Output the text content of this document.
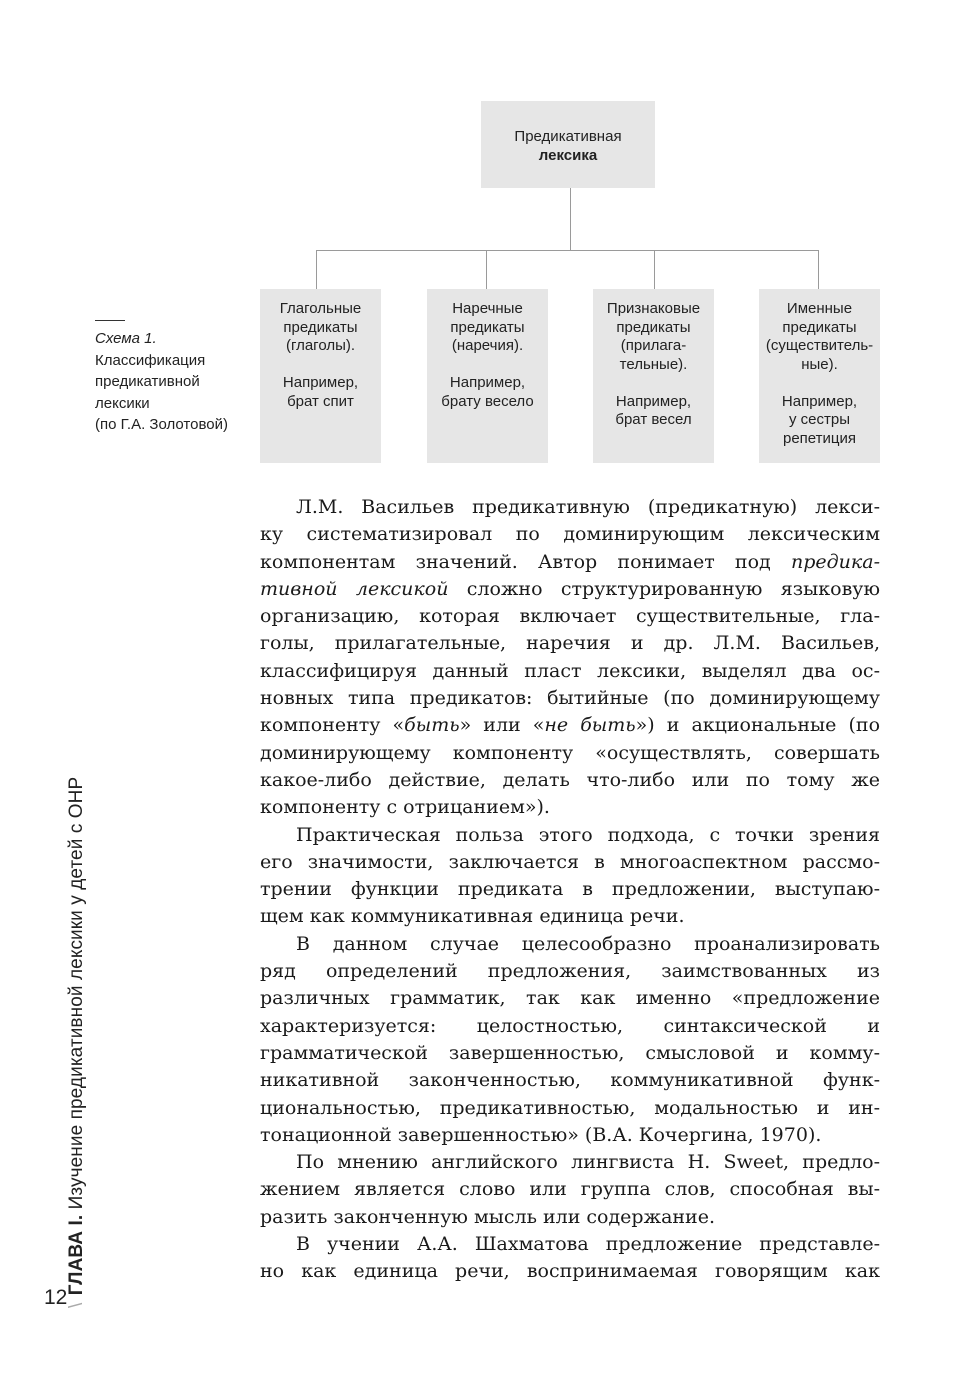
Предикативная
лексика
Глагольные
предикаты
(глаголы).
Например,
брат спит
Наречные
предикаты
(наречия).
Например,
брату весело
Признаковые
предикаты
(прилага-
тельные).
Например,
брат весел
Именные
предикаты
(существитель-
ные).
Например,
у сестры
репетиция
Схема 1.
Классификация
предикативной
лексики
(по Г.А. Золотовой)
Л.М. Васильев предикативную (предикатную) лекси-
ку систематизировал по доминирующим лексическим
компонентам значений. Автор понимает под предика-
тивной лексикой сложно структурированную языковую
организацию, которая включает существительные, гла-
голы, прилагательные, наречия и др. Л.М. Васильев,
классифицируя данный пласт лексики, выделял два ос-
новных типа предикатов: бытийные (по доминирующему
компоненту «быть» или «не быть») и акциональные (по
доминирующему компоненту «осуществлять, совершать
какое-либо действие, делать что-либо или по тому же
компоненту с отрицанием»).
Практическая польза этого подхода, с точки зрения
его значимости, заключается в многоаспектном рассмо-
трении функции предиката в предложении, выступаю-
щем как коммуникативная единица речи.
В данном случае целесообразно проанализировать
ряд определений предложения, заимствованных из
различных грамматик, так как именно «предложение
характеризуется: целостностью, синтаксической и
грамматической завершенностью, смысловой и комму-
никативной законченностью, коммуникативной функ-
циональностью, предикативностью, модальностью и ин-
тонационной завершенностью» (В.А. Кочергина, 1970).
По мнению английского лингвиста H. Sweet, предло-
жением является слово или группа слов, способная вы-
разить законченную мысль или содержание.
В учении А.А. Шахматова предложение представле-
но как единица речи, воспринимаемая говорящим как
\ ГЛАВА I. Изучение предикативной лексики у детей с ОНР
12
